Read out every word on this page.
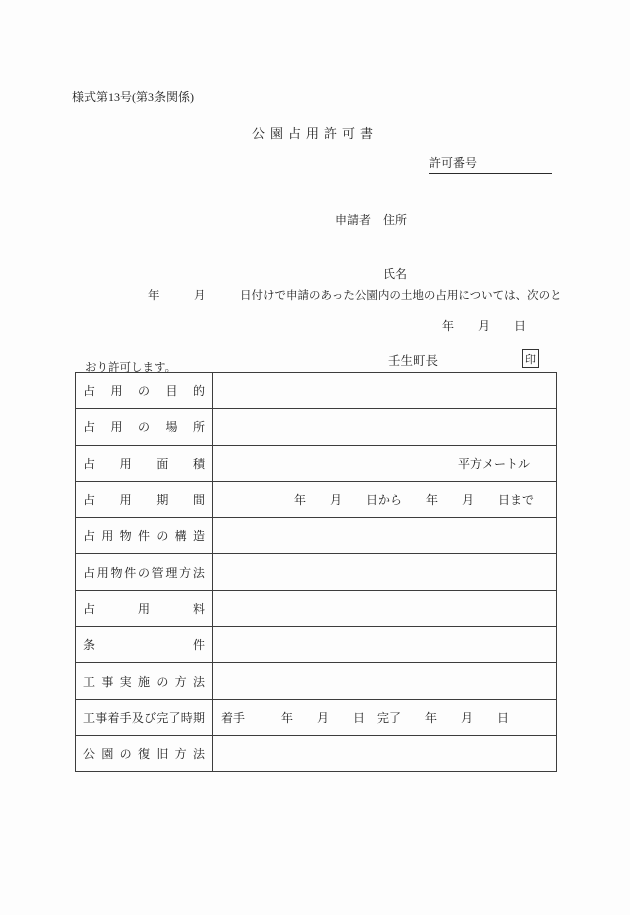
様式第13号(第3条関係)
公園占用許可書

許可番号

申請者 住所

氏名

年　　　月　　　日付けで申請のあった公園内の土地の占用については、次のと

おり許可します。

年　　月　　日
壬生町長	印
占 用 の 目 的	

占 用 の 場 所	

占 用 面 積	平方メートル

占 用 期 間	年　　月　　日から　　年　　月　　日まで

占 用 物 件 の 構 造

占 用 物 件 の 管 理 方 法

占 用 料	

条 件	

工 事 実 施 の 方 法

工 事 着 手 及 び 完 了 時 期	着手　　　年　　月　　日　完了　　年　　月　　日

公 園 の 復 旧 方 法
